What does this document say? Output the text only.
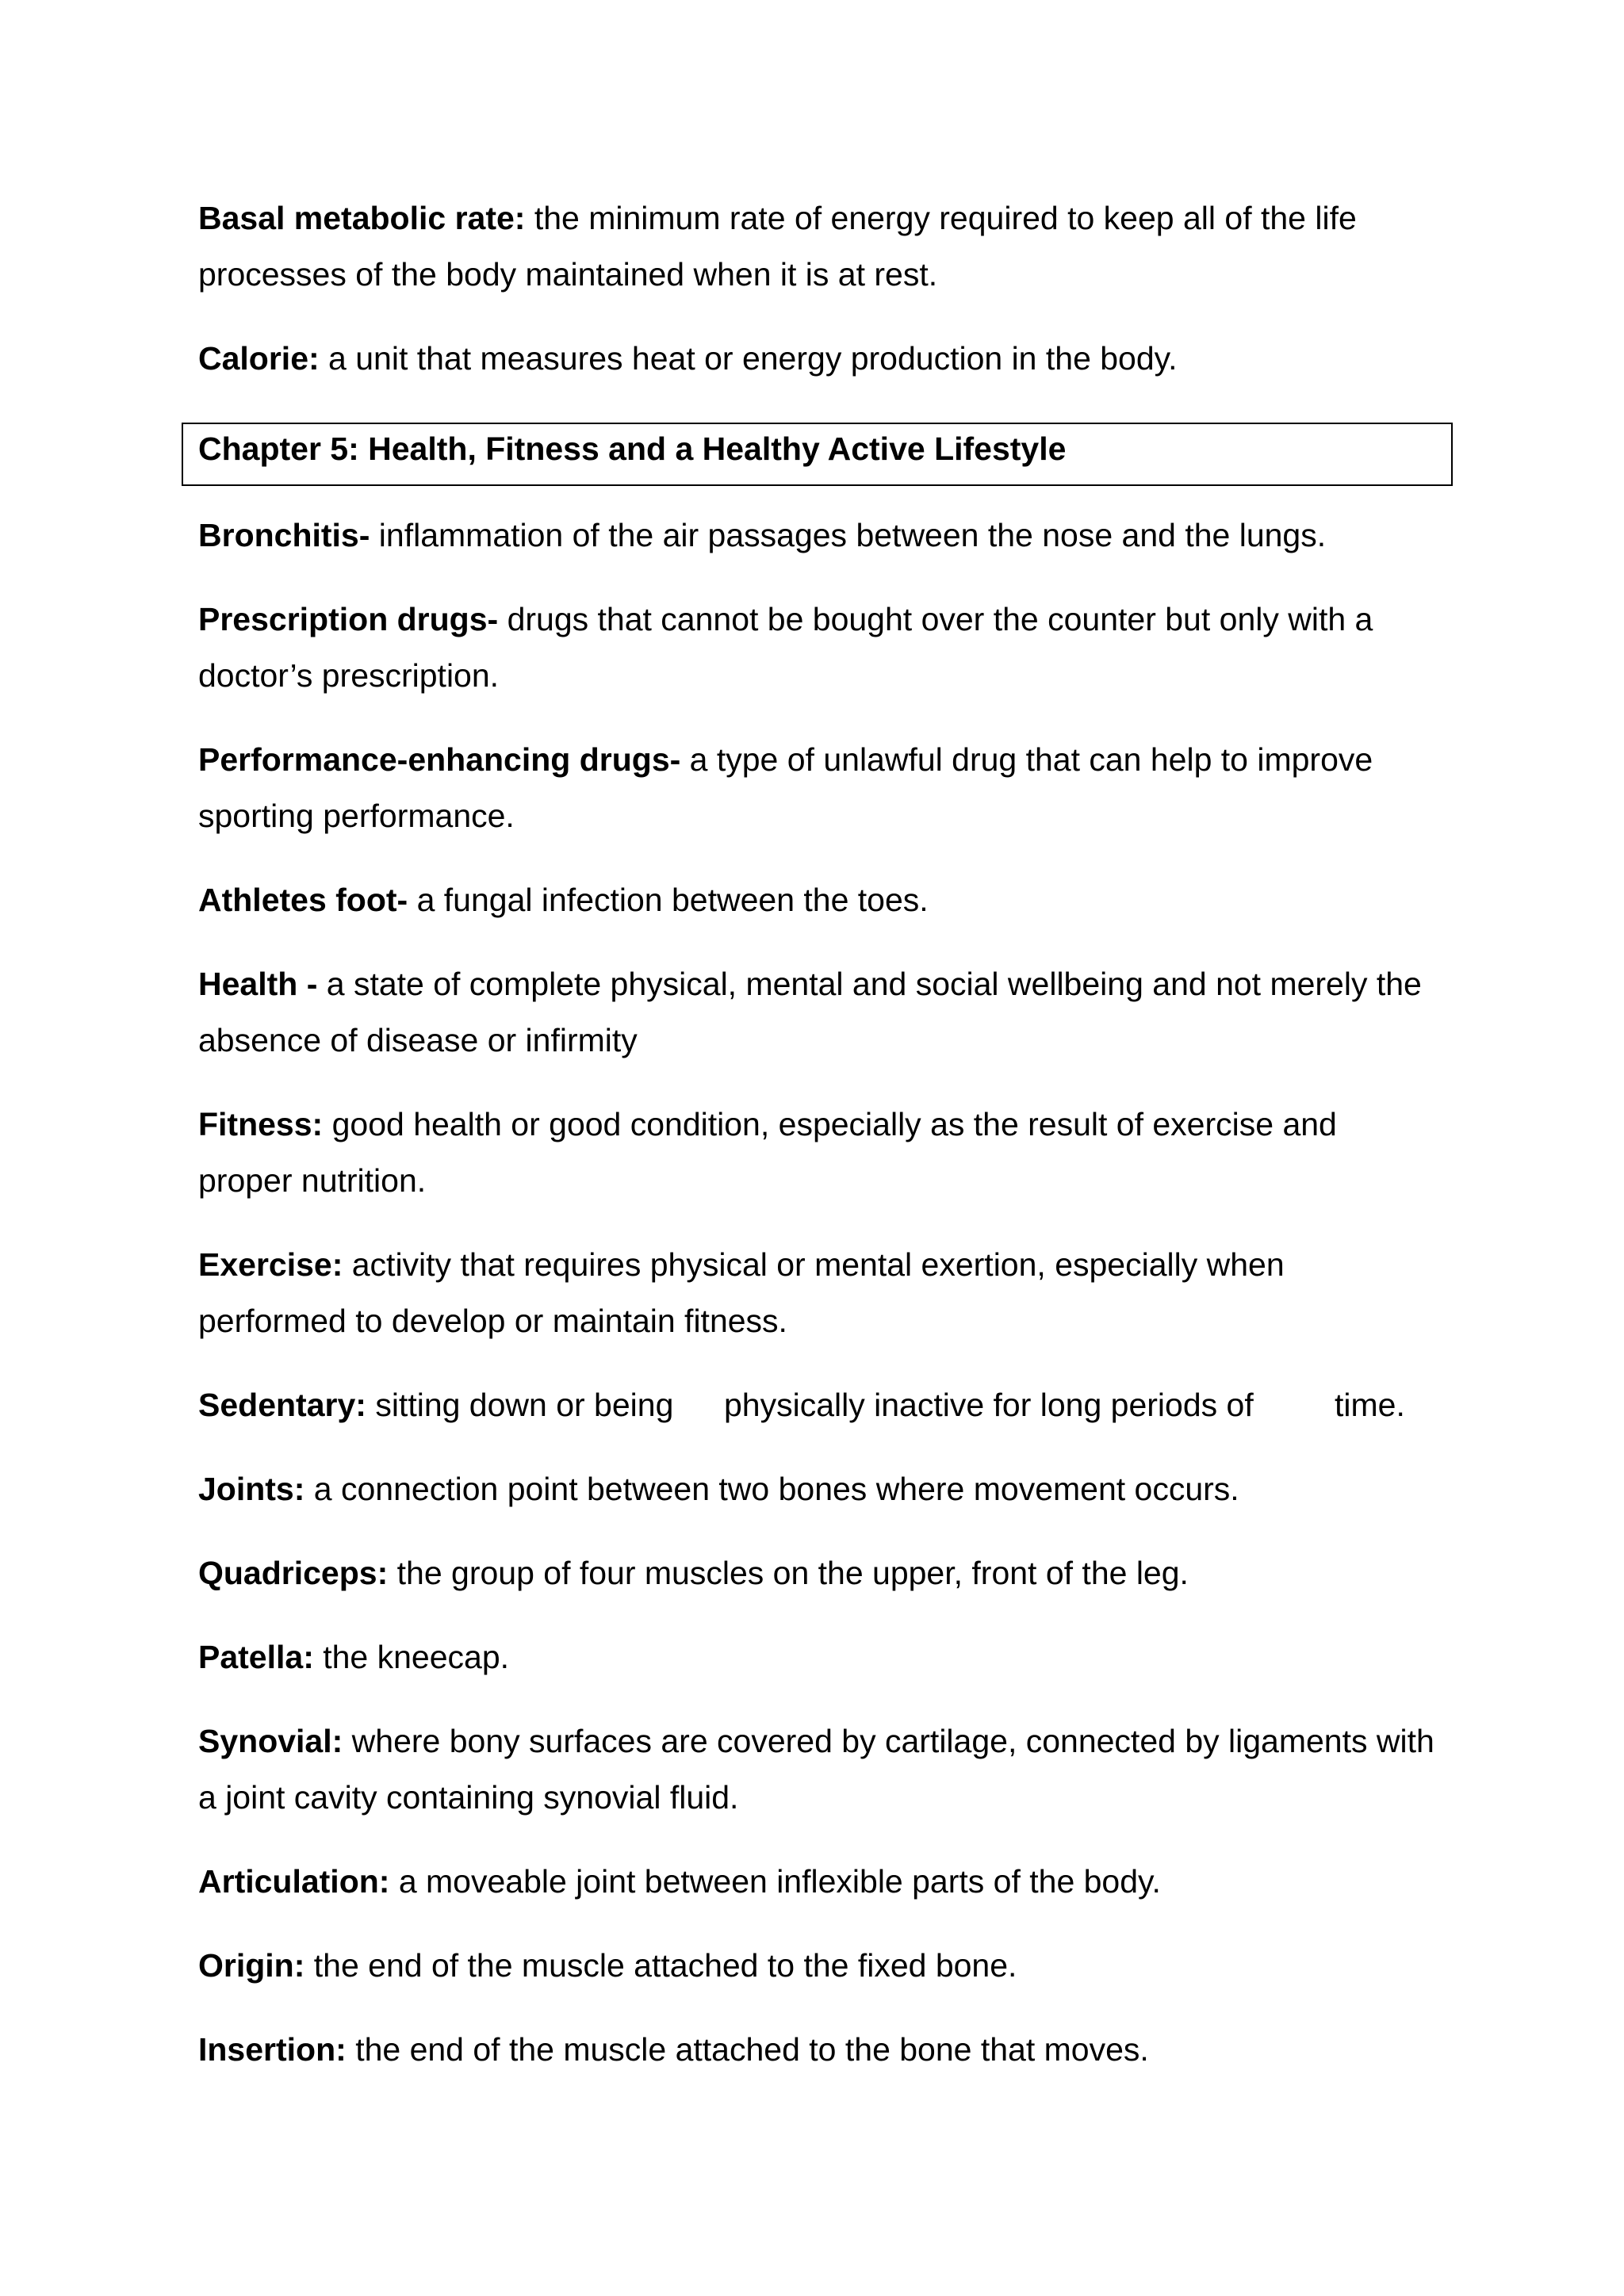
Basal metabolic rate: the minimum rate of energy required to keep all of the life processes of the body maintained when it is at rest.

Calorie: a unit that measures heat or energy production in the body.

Chapter 5: Health, Fitness and a Healthy Active Lifestyle

Bronchitis- inflammation of the air passages between the nose and the lungs.

Prescription drugs- drugs that cannot be bought over the counter but only with a doctor’s prescription.

Performance-enhancing drugs- a type of unlawful drug that can help to improve sporting performance.

Athletes foot- a fungal infection between the toes.

Health - a state of complete physical, mental and social wellbeing and not merely the absence of disease or infirmity

Fitness: good health or good condition, especially as the result of exercise and proper nutrition.

Exercise: activity that requires physical or mental exertion, especially when performed to develop or maintain fitness.

Sedentary: sitting down or being physically inactive for long periods of time.

Joints: a connection point between two bones where movement occurs.

Quadriceps: the group of four muscles on the upper, front of the leg.

Patella: the kneecap.

Synovial: where bony surfaces are covered by cartilage, connected by ligaments with a joint cavity containing synovial fluid.

Articulation: a moveable joint between inflexible parts of the body.

Origin: the end of the muscle attached to the fixed bone.

Insertion: the end of the muscle attached to the bone that moves.
